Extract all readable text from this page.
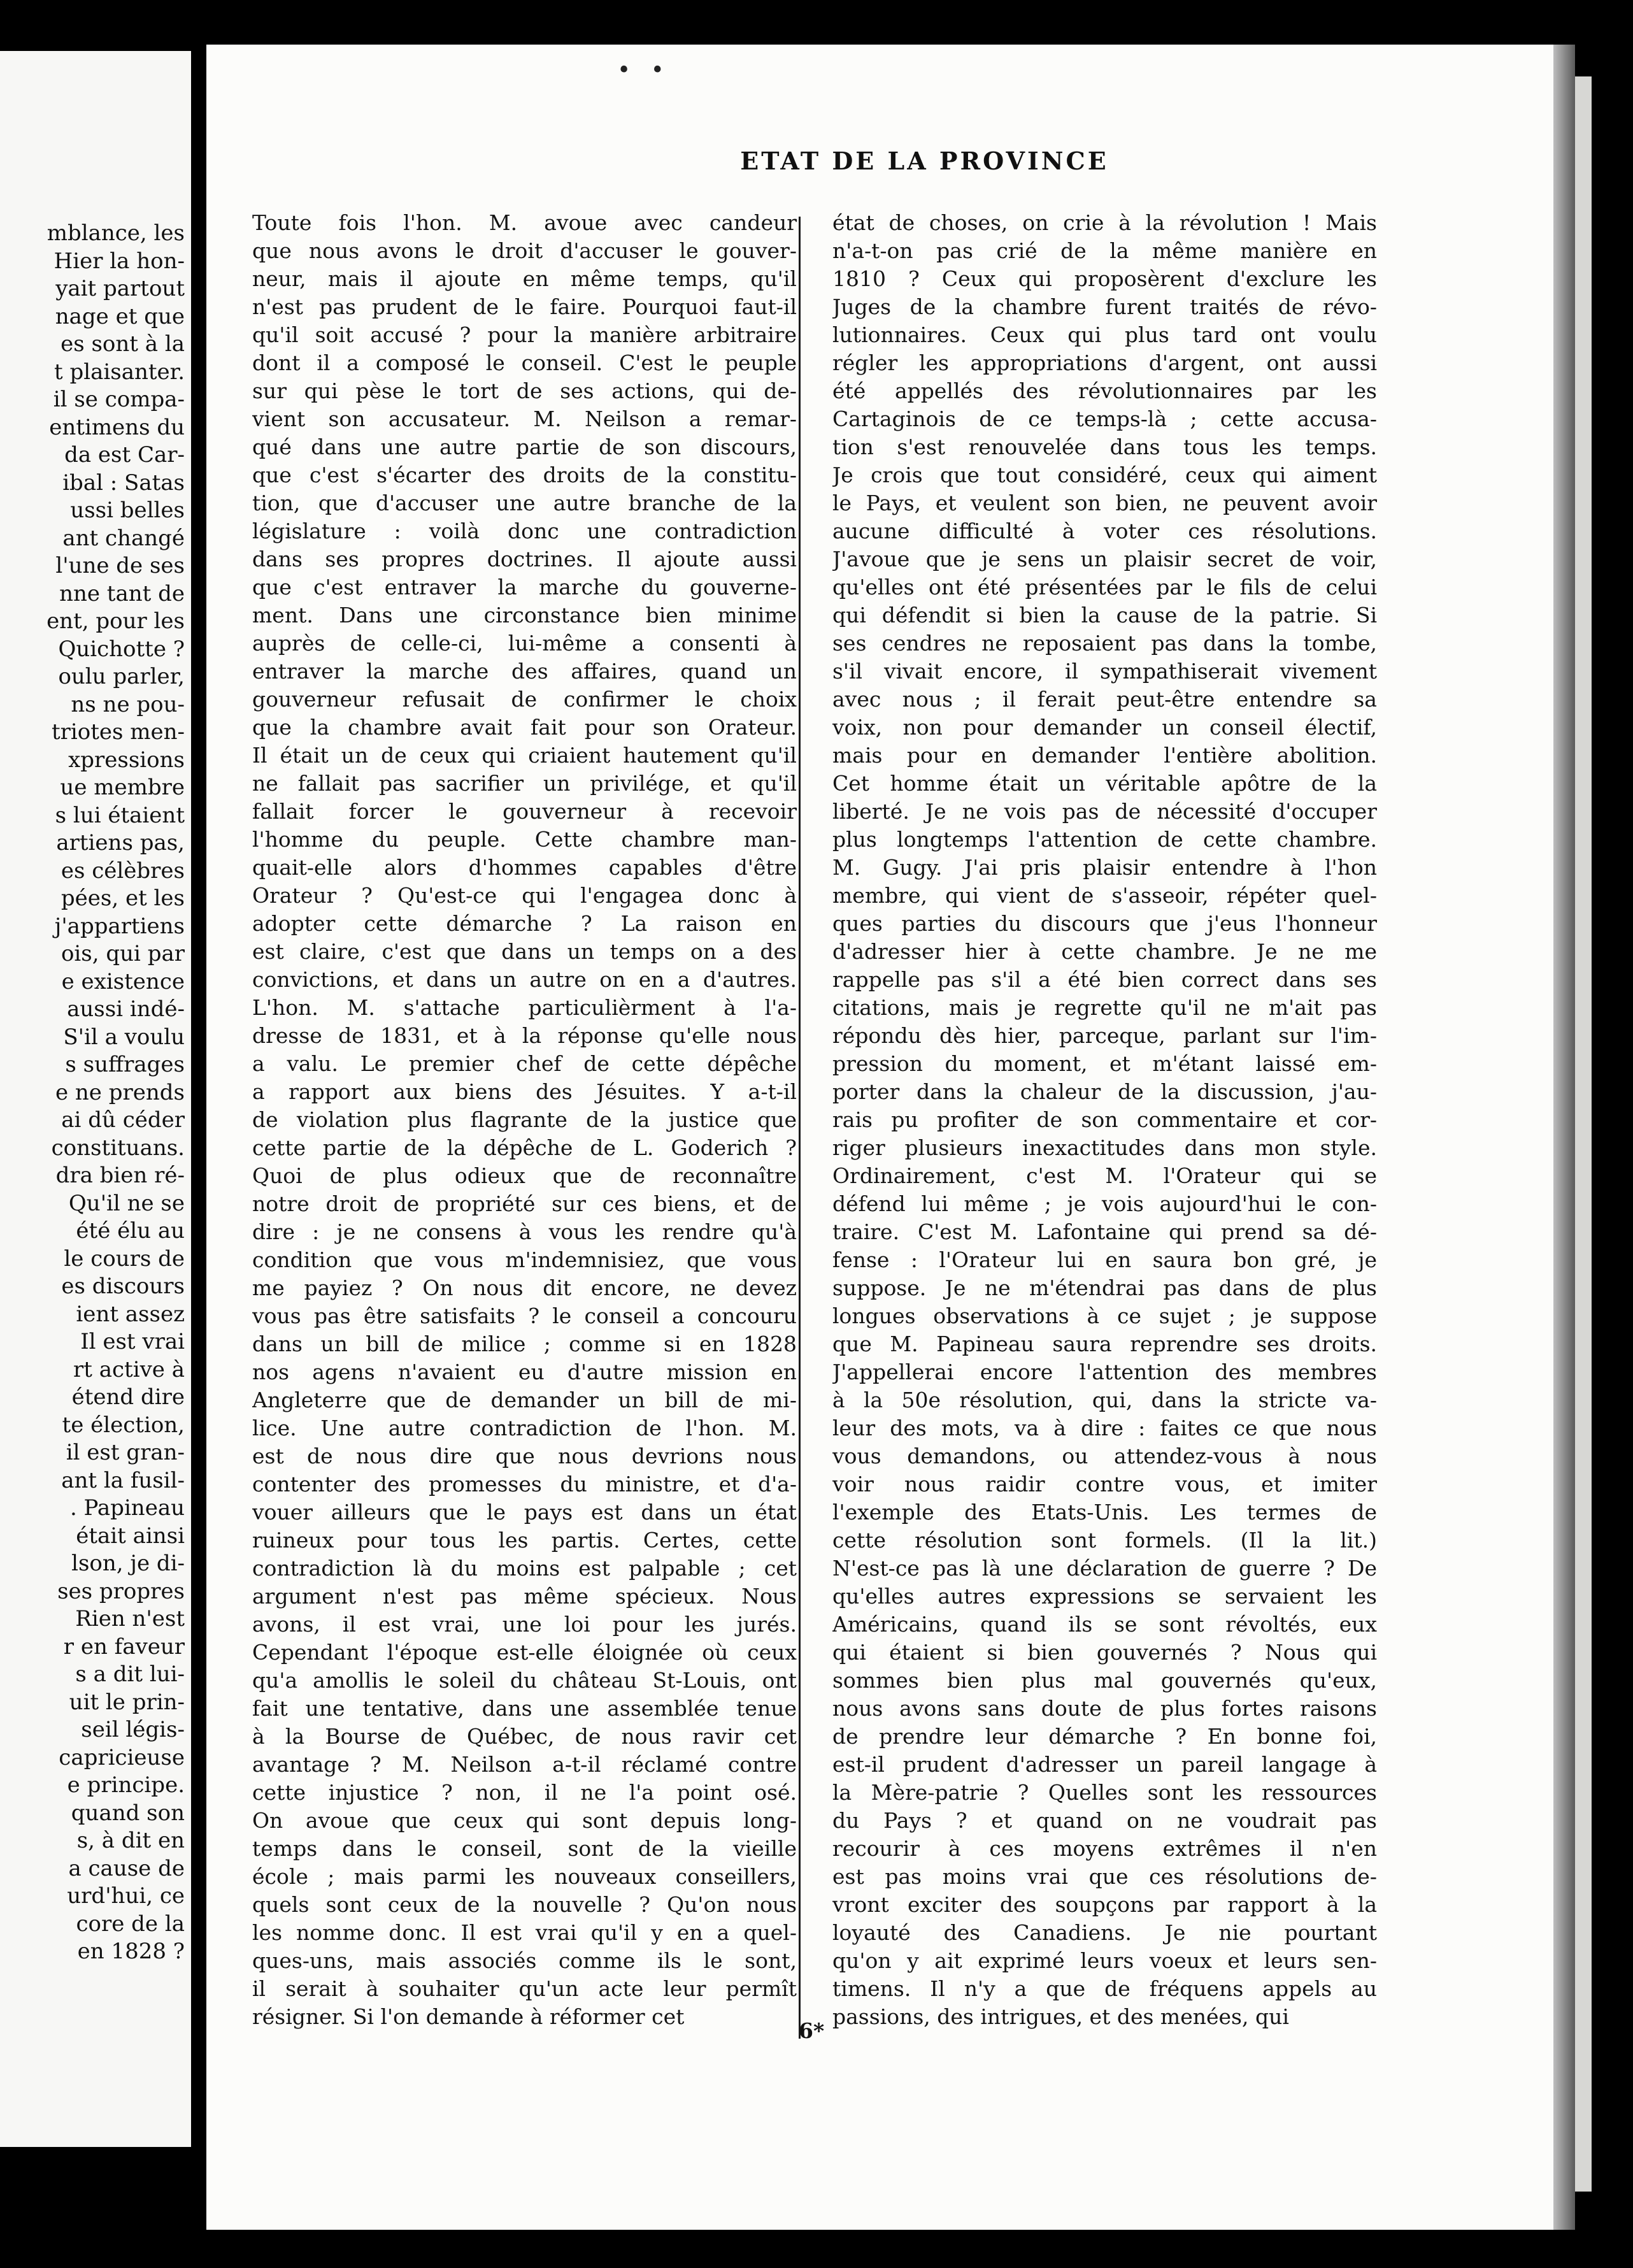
mblance, les
Hier la hon-
yait partout
nage et que
es sont à la
t plaisanter.
il se compa-
entimens du
da est Car-
ibal : Satas
ussi belles
ant changé
l'une de ses
nne tant de
ent, pour les
Quichotte ?
oulu parler,
ns ne pou-
triotes men-
xpressions
ue membre
s lui étaient
artiens pas,
es célèbres
pées, et les
j'appartiens
ois, qui par
e existence
aussi indé-
S'il a voulu
s suffrages
e ne prends
ai dû céder
constituans.
dra bien ré-
Qu'il ne se
été élu au
le cours de
es discours
ient assez
Il est vrai
rt active à
étend dire
te élection,
il est gran-
ant la fusil-
. Papineau
était ainsi
lson, je di-
ses propres
Rien n'est
r en faveur
s a dit lui-
uit le prin-
seil légis-
capricieuse
e principe.
quand son
s, à dit en
a cause de
urd'hui, ce
core de la
en 1828 ?
• •
ETAT DE LA PROVINCE
Toute fois l'hon. M. avoue avec candeur
que nous avons le droit d'accuser le gouver-
neur, mais il ajoute en même temps, qu'il
n'est pas prudent de le faire. Pourquoi faut-il
qu'il soit accusé ? pour la manière arbitraire
dont il a composé le conseil. C'est le peuple
sur qui pèse le tort de ses actions, qui de-
vient son accusateur. M. Neilson a remar-
qué dans une autre partie de son discours,
que c'est s'écarter des droits de la constitu-
tion, que d'accuser une autre branche de la
législature : voilà donc une contradiction
dans ses propres doctrines. Il ajoute aussi
que c'est entraver la marche du gouverne-
ment. Dans une circonstance bien minime
auprès de celle-ci, lui-même a consenti à
entraver la marche des affaires, quand un
gouverneur refusait de confirmer le choix
que la chambre avait fait pour son Orateur.
Il était un de ceux qui criaient hautement qu'il
ne fallait pas sacrifier un privilége, et qu'il
fallait forcer le gouverneur à recevoir
l'homme du peuple. Cette chambre man-
quait-elle alors d'hommes capables d'être
Orateur ? Qu'est-ce qui l'engagea donc à
adopter cette démarche ? La raison en
est claire, c'est que dans un temps on a des
convictions, et dans un autre on en a d'autres.
L'hon. M. s'attache particulièrment à l'a-
dresse de 1831, et à la réponse qu'elle nous
a valu. Le premier chef de cette dépêche
a rapport aux biens des Jésuites. Y a-t-il
de violation plus flagrante de la justice que
cette partie de la dépêche de L. Goderich ?
Quoi de plus odieux que de reconnaître
notre droit de propriété sur ces biens, et de
dire : je ne consens à vous les rendre qu'à
condition que vous m'indemnisiez, que vous
me payiez ? On nous dit encore, ne devez
vous pas être satisfaits ? le conseil a concouru
dans un bill de milice ; comme si en 1828
nos agens n'avaient eu d'autre mission en
Angleterre que de demander un bill de mi-
lice. Une autre contradiction de l'hon. M.
est de nous dire que nous devrions nous
contenter des promesses du ministre, et d'a-
vouer ailleurs que le pays est dans un état
ruineux pour tous les partis. Certes, cette
contradiction là du moins est palpable ; cet
argument n'est pas même spécieux. Nous
avons, il est vrai, une loi pour les jurés.
Cependant l'époque est-elle éloignée où ceux
qu'a amollis le soleil du château St-Louis, ont
fait une tentative, dans une assemblée tenue
à la Bourse de Québec, de nous ravir cet
avantage ? M. Neilson a-t-il réclamé contre
cette injustice ? non, il ne l'a point osé.
On avoue que ceux qui sont depuis long-
temps dans le conseil, sont de la vieille
école ; mais parmi les nouveaux conseillers,
quels sont ceux de la nouvelle ? Qu'on nous
les nomme donc. Il est vrai qu'il y en a quel-
ques-uns, mais associés comme ils le sont,
il serait à souhaiter qu'un acte leur permît
résigner. Si l'on demande à réformer cet
état de choses, on crie à la révolution ! Mais
n'a-t-on pas crié de la même manière en
1810 ? Ceux qui proposèrent d'exclure les
Juges de la chambre furent traités de révo-
lutionnaires. Ceux qui plus tard ont voulu
régler les appropriations d'argent, ont aussi
été appellés des révolutionnaires par les
Cartaginois de ce temps-là ; cette accusa-
tion s'est renouvelée dans tous les temps.
Je crois que tout considéré, ceux qui aiment
le Pays, et veulent son bien, ne peuvent avoir
aucune difficulté à voter ces résolutions.
J'avoue que je sens un plaisir secret de voir,
qu'elles ont été présentées par le fils de celui
qui défendit si bien la cause de la patrie. Si
ses cendres ne reposaient pas dans la tombe,
s'il vivait encore, il sympathiserait vivement
avec nous ; il ferait peut-être entendre sa
voix, non pour demander un conseil électif,
mais pour en demander l'entière abolition.
Cet homme était un véritable apôtre de la
liberté. Je ne vois pas de nécessité d'occuper
plus longtemps l'attention de cette chambre.
M. Gugy. J'ai pris plaisir entendre à l'hon
membre, qui vient de s'asseoir, répéter quel-
ques parties du discours que j'eus l'honneur
d'adresser hier à cette chambre. Je ne me
rappelle pas s'il a été bien correct dans ses
citations, mais je regrette qu'il ne m'ait pas
répondu dès hier, parceque, parlant sur l'im-
pression du moment, et m'étant laissé em-
porter dans la chaleur de la discussion, j'au-
rais pu profiter de son commentaire et cor-
riger plusieurs inexactitudes dans mon style.
Ordinairement, c'est M. l'Orateur qui se
défend lui même ; je vois aujourd'hui le con-
traire. C'est M. Lafontaine qui prend sa dé-
fense : l'Orateur lui en saura bon gré, je
suppose. Je ne m'étendrai pas dans de plus
longues observations à ce sujet ; je suppose
que M. Papineau saura reprendre ses droits.
J'appellerai encore l'attention des membres
à la 50e résolution, qui, dans la stricte va-
leur des mots, va à dire : faites ce que nous
vous demandons, ou attendez-vous à nous
voir nous raidir contre vous, et imiter
l'exemple des Etats-Unis. Les termes de
cette résolution sont formels. (Il la lit.)
N'est-ce pas là une déclaration de guerre ? De
qu'elles autres expressions se servaient les
Américains, quand ils se sont révoltés, eux
qui étaient si bien gouvernés ? Nous qui
sommes bien plus mal gouvernés qu'eux,
nous avons sans doute de plus fortes raisons
de prendre leur démarche ? En bonne foi,
est-il prudent d'adresser un pareil langage à
la Mère-patrie ? Quelles sont les ressources
du Pays ? et quand on ne voudrait pas
recourir à ces moyens extrêmes il n'en
est pas moins vrai que ces résolutions de-
vront exciter des soupçons par rapport à la
loyauté des Canadiens. Je nie pourtant
qu'on y ait exprimé leurs voeux et leurs sen-
timens. Il n'y a que de fréquens appels au
passions, des intrigues, et des menées, qui
6*
